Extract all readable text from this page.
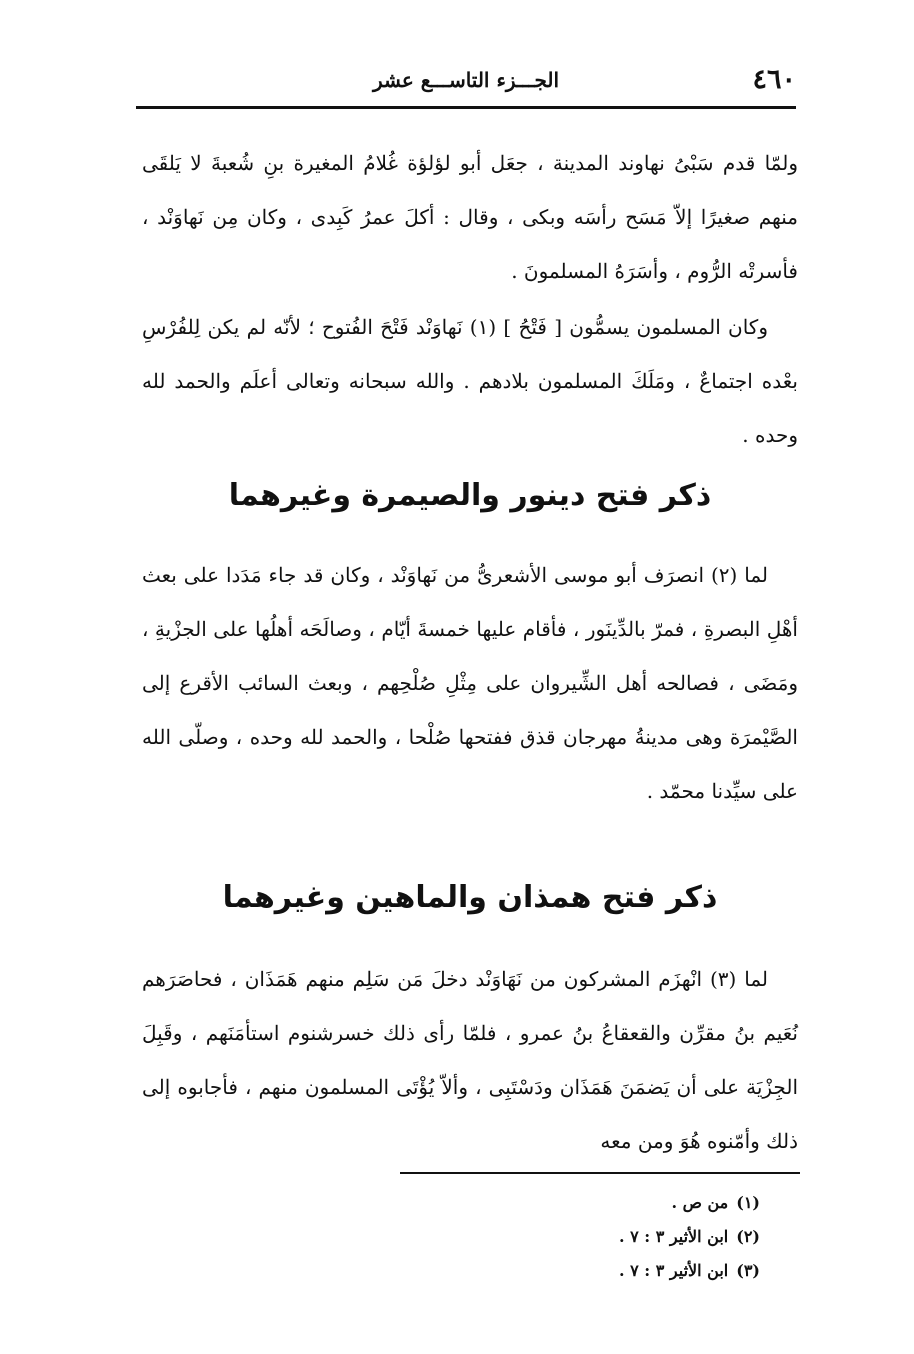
٤٦٠
الجـــزء التاســـع عشر

ولمّا قدم سَبْىُ نهاوند المدينة ، جعَل أبو لؤلؤة غُلامُ المغيرة بنِ شُعبةَ لا يَلقَى منهم صغيرًا إلاّ مَسَح رأسَه وبكى ، وقال : أكلَ عمرُ كَبِدى ، وكان مِن نَهاوَنْد ، فأسرتْه الرُّوم ، وأسَرَهُ المسلمونَ .

وكان المسلمون يسمُّون [ فَتْحُ ] (١) نَهاوَنْد فَتْحَ الفُتوح ؛ لأنّه لم يكن لِلفُرْسِ بعْده اجتماعٌ ، ومَلَكَ المسلمون بلادهم . والله سبحانه وتعالى أعلَم والحمد لله وحده .

ذكر فتح دينور والصيمرة وغيرهما

لما (٢) انصرَف أبو موسى الأشعرىُّ من نَهاوَنْد ، وكان قد جاء مَدَدا على بعث أهْلِ البصرةِ ، فمرّ بالدِّينَور ، فأقام عليها خمسةَ أيّام ، وصالَحَه أهلُها على الجزْيةِ ، ومَضَى ، فصالحه أهل الشِّيروان على مِثْلِ صُلْحِهم ، وبعث السائب الأقرع إلى الصَّيْمرَة وهى مدينةُ مهرجان قذق ففتحها صُلْحا ، والحمد لله وحده ، وصلّى الله على سيِّدنا محمّد .

ذكر فتح همذان والماهين وغيرهما

لما (٣) انْهزَم المشركون من نَهَاوَنْد دخلَ مَن سَلِم منهم هَمَذَان ، فحاصَرَهم نُعَيم بنُ مقرِّن والقعقاعُ بنُ عمرو ، فلمّا رأى ذلك خسرشنوم استأمَنَهم ، وقَبِلَ الجِزْيَة على أن يَضمَنَ هَمَذَان ودَسْتَبِى ، وألاّ يُؤْتَى المسلمون منهم ، فأجابوه إلى ذلك وأمّنوه هُوَ ومن معه

(١)من ص .
(٢)ابن الأثير ٣ : ٧ .
(٣)ابن الأثير ٣ : ٧ .
